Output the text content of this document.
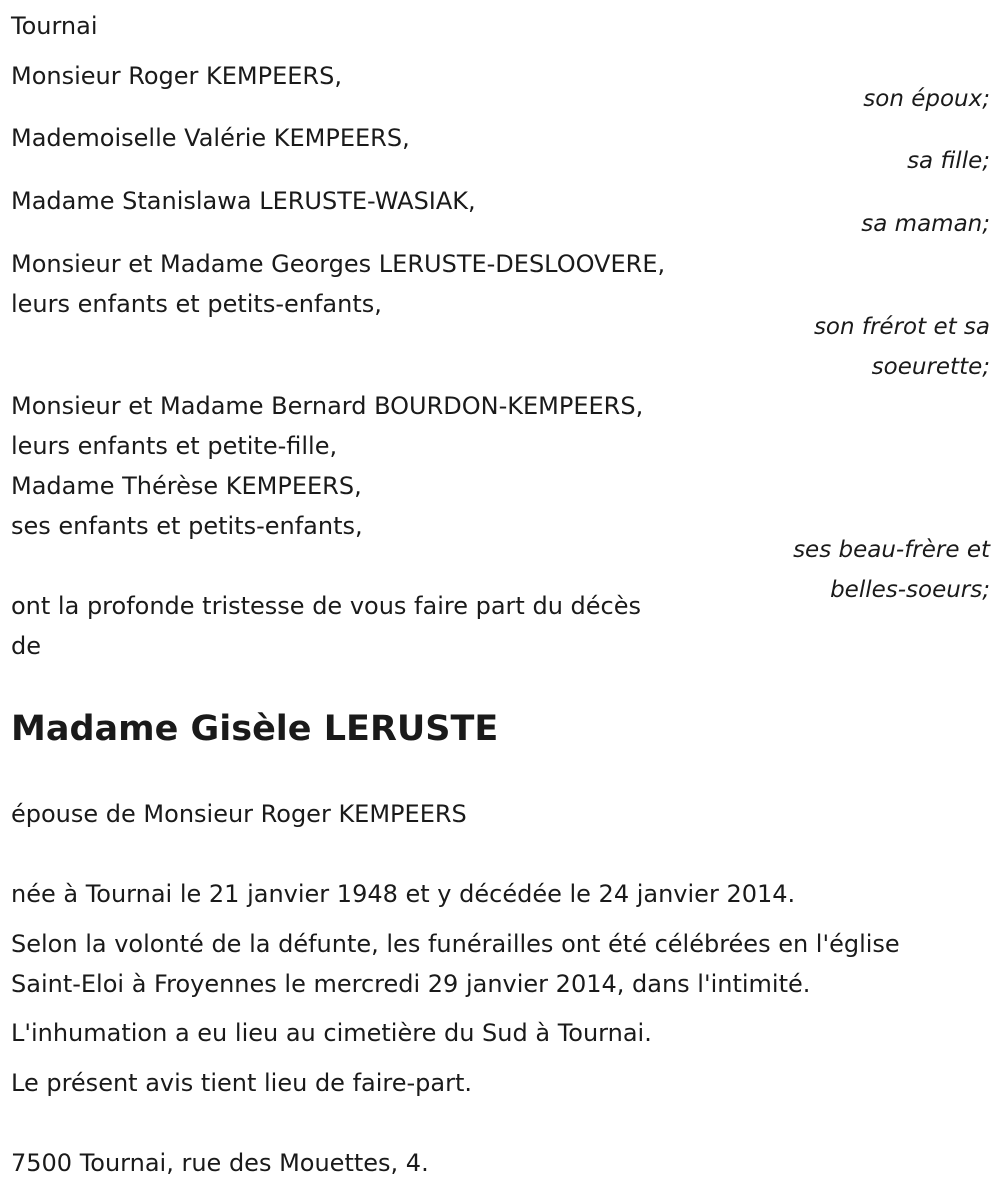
Tournai

Monsieur Roger KEMPEERS,

son époux;

Mademoiselle Valérie KEMPEERS,

sa fille;

Madame Stanislawa LERUSTE-WASIAK,

sa maman;

Monsieur et Madame Georges LERUSTE-DESLOOVERE,

leurs enfants et petits-enfants,

son frérot et sa

soeurette;

Monsieur et Madame Bernard BOURDON-KEMPEERS,

leurs enfants et petite-fille,

Madame Thérèse KEMPEERS,

ses enfants et petits-enfants,

ses beau-frère et

belles-soeurs;

ont la profonde tristesse de vous faire part du décès

de

Madame Gisèle LERUSTE

épouse de Monsieur Roger KEMPEERS

née à Tournai le 21 janvier 1948 et y décédée le 24 janvier 2014.

Selon la volonté de la défunte, les funérailles ont été célébrées en l'église

Saint-Eloi à Froyennes le mercredi 29 janvier 2014, dans l'intimité.

L'inhumation a eu lieu au cimetière du Sud à Tournai.

Le présent avis tient lieu de faire-part.

7500 Tournai, rue des Mouettes, 4.
